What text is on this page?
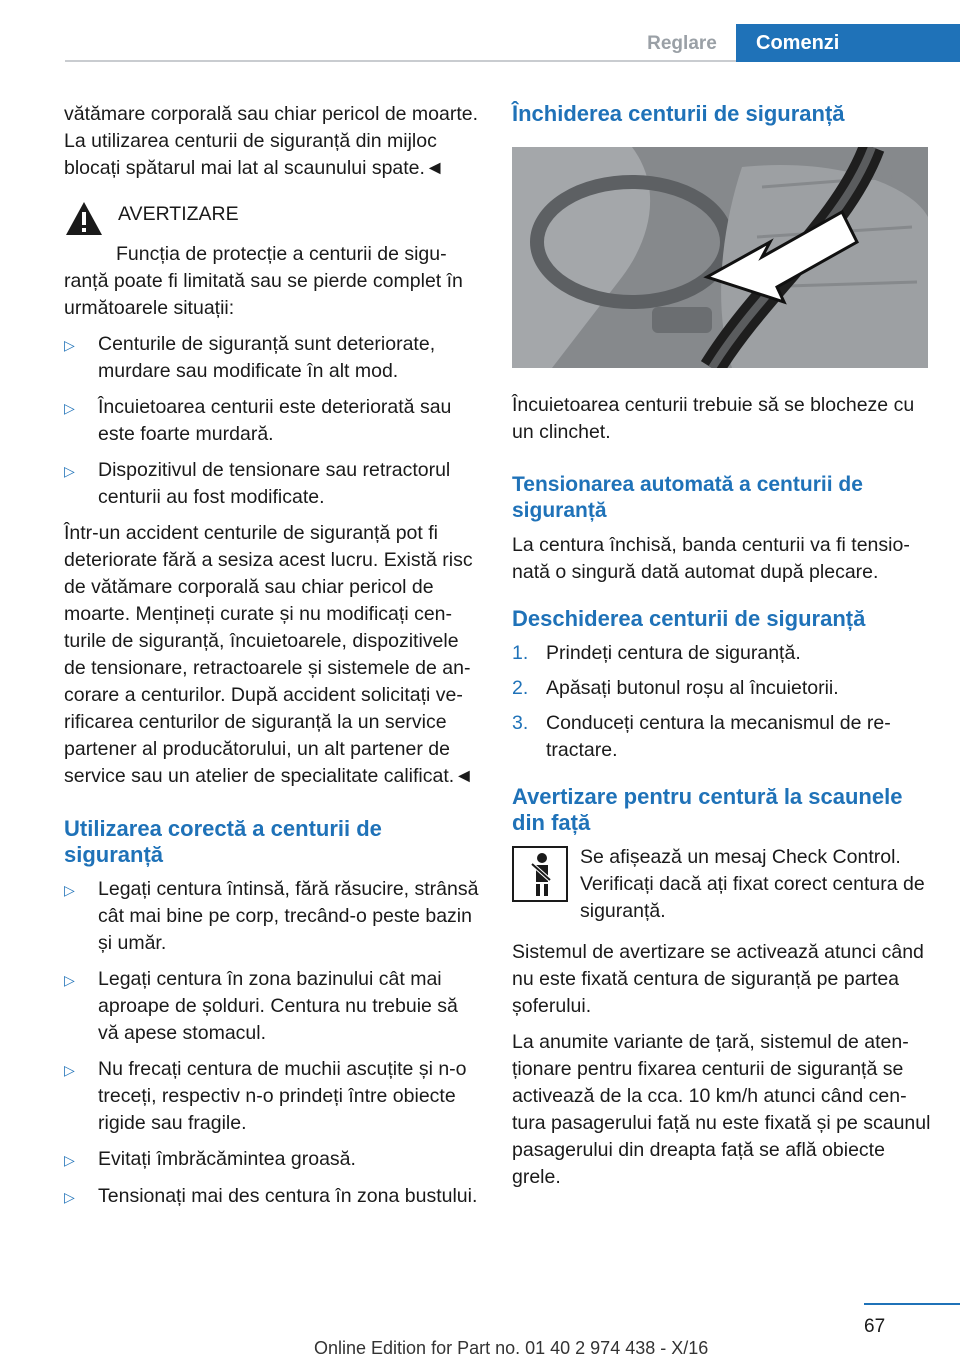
Reglare	Comenzi

vătămare corporală sau chiar pericol de moarte. La utilizarea centurii de siguranță din mijloc blocați spătarul mai lat al scaunului spate.◄

AVERTIZARE

Funcția de protecție a centurii de siguranță poate fi limitată sau se pierde complet în următoarele situații:

▷	Centurile de siguranță sunt deteriorate, murdare sau modificate în alt mod.
▷	Încuietoarea centurii este deteriorată sau este foarte murdară.
▷	Dispozitivul de tensionare sau retractorul centurii au fost modificate.

Într-un accident centurile de siguranță pot fi deteriorate fără a sesiza acest lucru. Există risc de vătămare corporală sau chiar pericol de moarte. Mențineți curate și nu modificați centurile de siguranță, încuietoarele, dispozitivele de tensionare, retractoarele și sistemele de ancorare a centurilor. După accident solicitați verificarea centurilor de siguranță la un service partener al producătorului, un alt partener de service sau un atelier de specialitate calificat.◄

Utilizarea corectă a centurii de siguranță
▷	Legați centura întinsă, fără răsucire, strânsă cât mai bine pe corp, trecând-o peste bazin și umăr.
▷	Legați centura în zona bazinului cât mai aproape de șolduri. Centura nu trebuie să vă apese stomacul.
▷	Nu frecați centura de muchii ascuțite și n-o treceți, respectiv n-o prindeți între obiecte rigide sau fragile.
▷	Evitați îmbrăcămintea groasă.
▷	Tensionați mai des centura în zona bustului.
Închiderea centurii de siguranță

Încuietoarea centurii trebuie să se blocheze cu un clinchet.

Tensionarea automată a centurii de siguranță

La centura închisă, banda centurii va fi tensionată o singură dată automat după plecare.

Deschiderea centurii de siguranță
1. Prindeți centura de siguranță.
2. Apăsați butonul roșu al încuietorii.
3. Conduceți centura la mecanismul de retractare.
Avertizare pentru centură la scaunele din față
Se afișează un mesaj Check Control. Verificați dacă ați fixat corect centura de siguranță.

Sistemul de avertizare se activează atunci când nu este fixată centura de siguranță pe partea șoferului.

La anumite variante de țară, sistemul de atenționare pentru fixarea centurii de siguranță se activează de la cca. 10 km/h atunci când centura pasagerului față nu este fixată și pe scaunul pasagerului din dreapta față se află obiecte grele.

67
Online Edition for Part no. 01 40 2 974 438 - X/16
